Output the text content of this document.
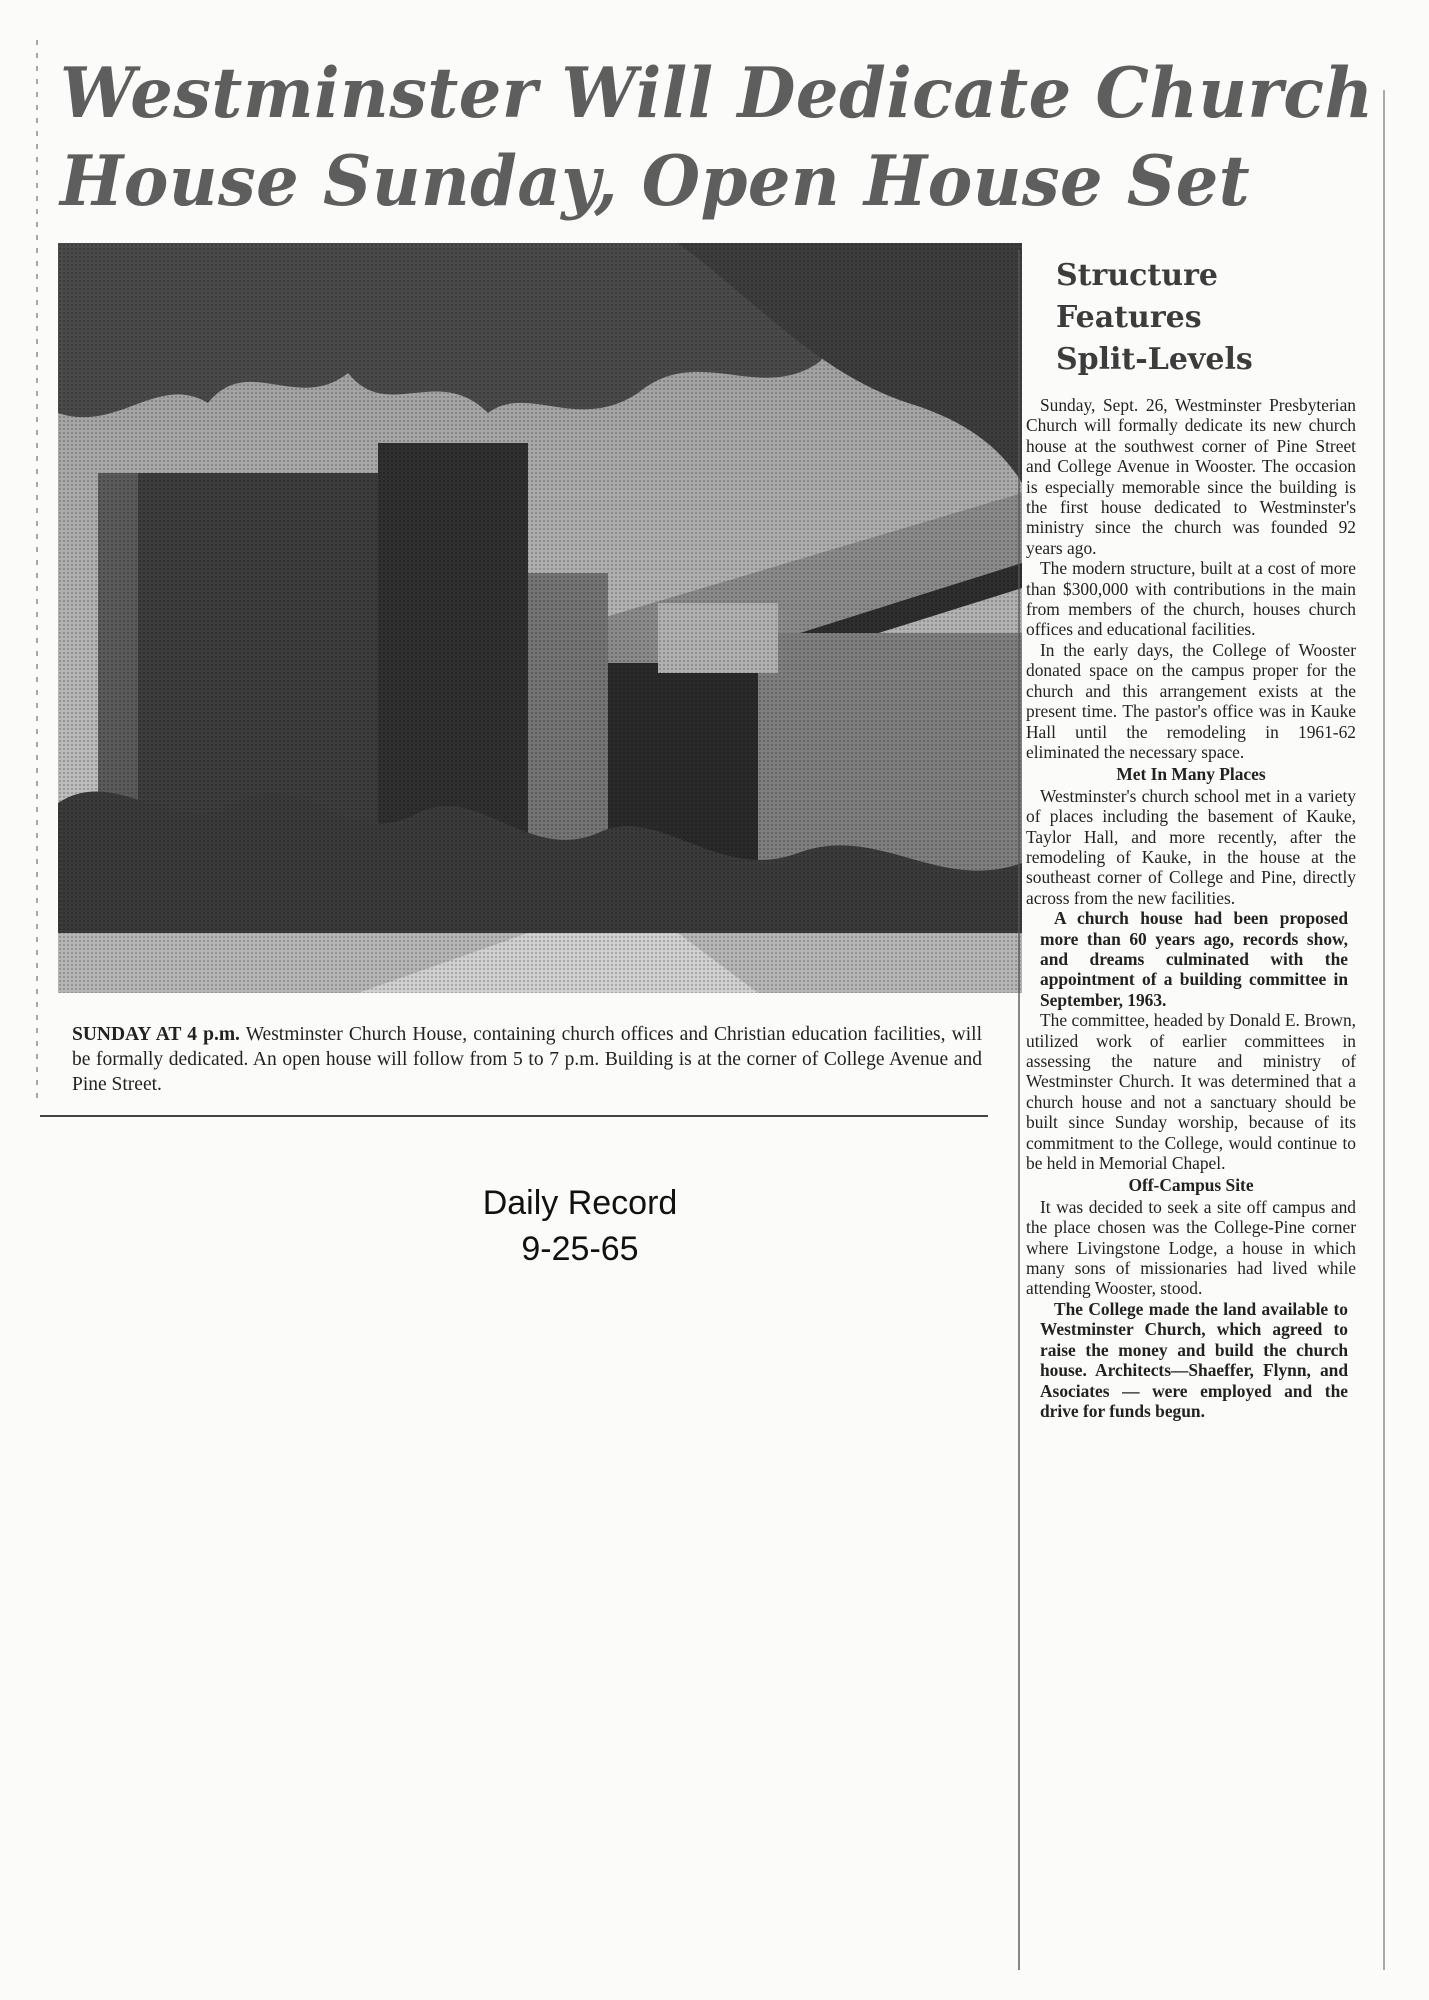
Westminster Will Dedicate Church
House Sunday, Open House Set
SUNDAY AT 4 p.m. Westminster Church House, containing church offices and Christian education facilities, will be formally dedicated. An open house will follow from 5 to 7 p.m. Building is at the corner of College Avenue and Pine Street.
Daily Record
9-25-65
Structure
Features
Split-Levels

Sunday, Sept. 26, Westminster Presbyterian Church will formally dedicate its new church house at the southwest corner of Pine Street and College Avenue in Wooster. The occasion is especially memorable since the building is the first house dedicated to Westminster's ministry since the church was founded 92 years ago.

The modern structure, built at a cost of more than $300,000 with contributions in the main from members of the church, houses church offices and educational facilities.

In the early days, the College of Wooster donated space on the campus proper for the church and this arrangement exists at the present time. The pastor's office was in Kauke Hall until the remodeling in 1961-62 eliminated the necessary space.

Met In Many Places

Westminster's church school met in a variety of places including the basement of Kauke, Taylor Hall, and more recently, after the remodeling of Kauke, in the house at the southeast corner of College and Pine, directly across from the new facilities.

A church house had been proposed more than 60 years ago, records show, and dreams culminated with the appointment of a building committee in September, 1963.

The committee, headed by Donald E. Brown, utilized work of earlier committees in assessing the nature and ministry of Westminster Church. It was determined that a church house and not a sanctuary should be built since Sunday worship, because of its commitment to the College, would continue to be held in Memorial Chapel.

Off-Campus Site

It was decided to seek a site off campus and the place chosen was the College-Pine corner where Livingstone Lodge, a house in which many sons of missionaries had lived while attending Wooster, stood.

The College made the land available to Westminster Church, which agreed to raise the money and build the church house. Architects—Shaeffer, Flynn, and Asociates — were employed and the drive for funds begun.
